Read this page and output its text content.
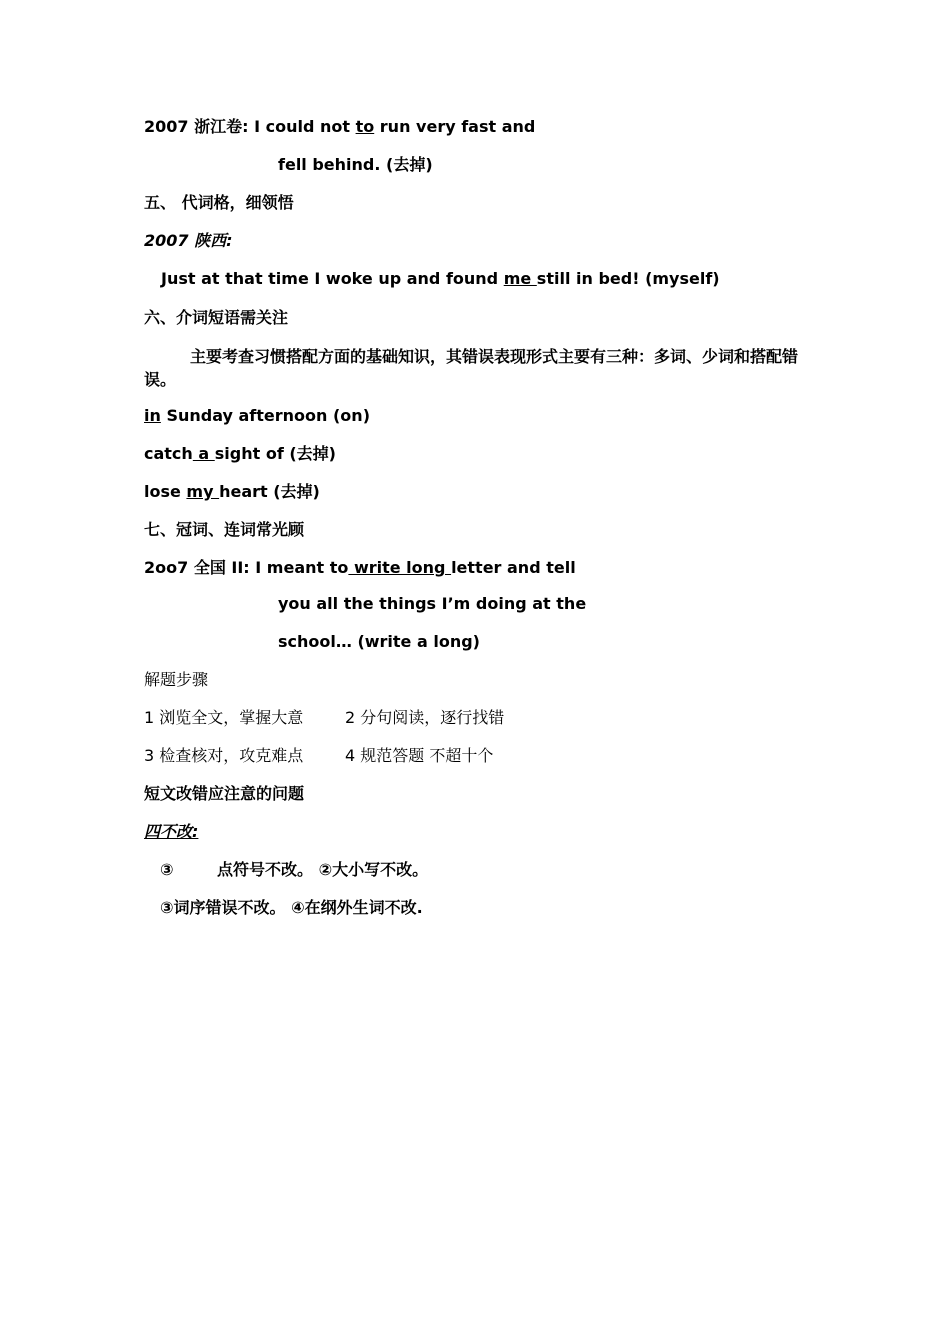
2007 浙江卷: I could not to run very fast and
fell behind. (去掉)
五、 代词格，细领悟
2007 陕西:
Just at that time I woke up and found me still in bed! (myself)
六、介词短语需关注
主要考查习惯搭配方面的基础知识，其错误表现形式主要有三种：多词、少词和搭配错误。
in Sunday afternoon (on)
catch a sight of (去掉)
lose my heart (去掉)
七、冠词、连词常光顾
2oo7 全国 II: I meant to write long letter and tell
you all the things I’m doing at the
school… (write a long)
解题步骤
1 浏览全文，掌握大意	2 分句阅读，逐行找错
3 检查核对，攻克难点	4 规范答题 不超十个
短文改错应注意的问题
四不改:
③	点符号不改。 ②大小写不改。
③词序错误不改。 ④在纲外生词不改.
